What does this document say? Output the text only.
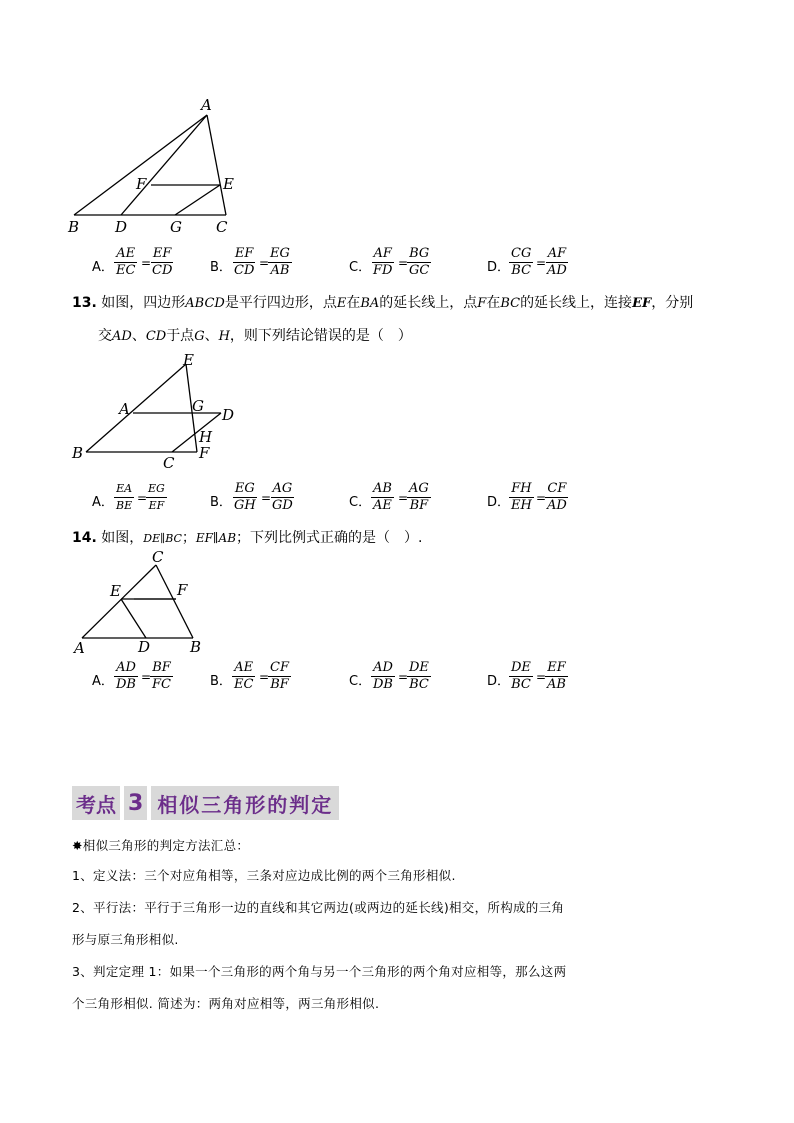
A
B	C
D
E
F
G
A． $\frac{AE}{EC}$ =
$\frac{EF}{CD}$	B． $\frac{EF}{CD}$ =
$\frac{EG}{AB}$	C． $\frac{AF}{FD}$ =
$\frac{BG}{GC}$	D．
$\frac{CG}{BC}$ =
$\frac{AF}{AD}$
13. 如图，四边形ABCD是平行四边形，点E在BA的延长线上，点F在BC的延长线上，连接EF，分别
交AD、CD于点G、H，则下列结论错误的是（　）
E
A	G D
H
B
C
F
A． $\frac{EA}{BE}$ =
$\frac{EG}{EF}$	B． $\frac{EG}{GH}$ =
$\frac{AG}{GD}$	C． $\frac{AB}{AE}$ =
$\frac{AG}{BF}$	D．
$\frac{FH}{EH}$ =
$\frac{CF}{AD}$
14. 如图，DE∥BC；EF∥AB；下列比例式正确的是（　）.
C
E	F
A	D	B
A． $\frac{AD}{DB}$ =
$\frac{BF}{FC}$	B． $\frac{AE}{EC}$ =
$\frac{CF}{BF}$	C． $\frac{AD}{DB}$ =
$\frac{DE}{BC}$	D．
$\frac{DE}{BC}$ =
$\frac{EF}{AB}$
考点 3 相似三角形的判定
✸相似三角形的判定方法汇总：
1、定义法：三个对应角相等，三条对应边成比例的两个三角形相似.
2、平行法：平行于三角形一边的直线和其它两边(或两边的延长线)相交，所构成的三角
形与原三角形相似.
3、判定定理 1：如果一个三角形的两个角与另一个三角形的两个角对应相等，那么这两
个三角形相似. 简述为：两角对应相等，两三角形相似.
